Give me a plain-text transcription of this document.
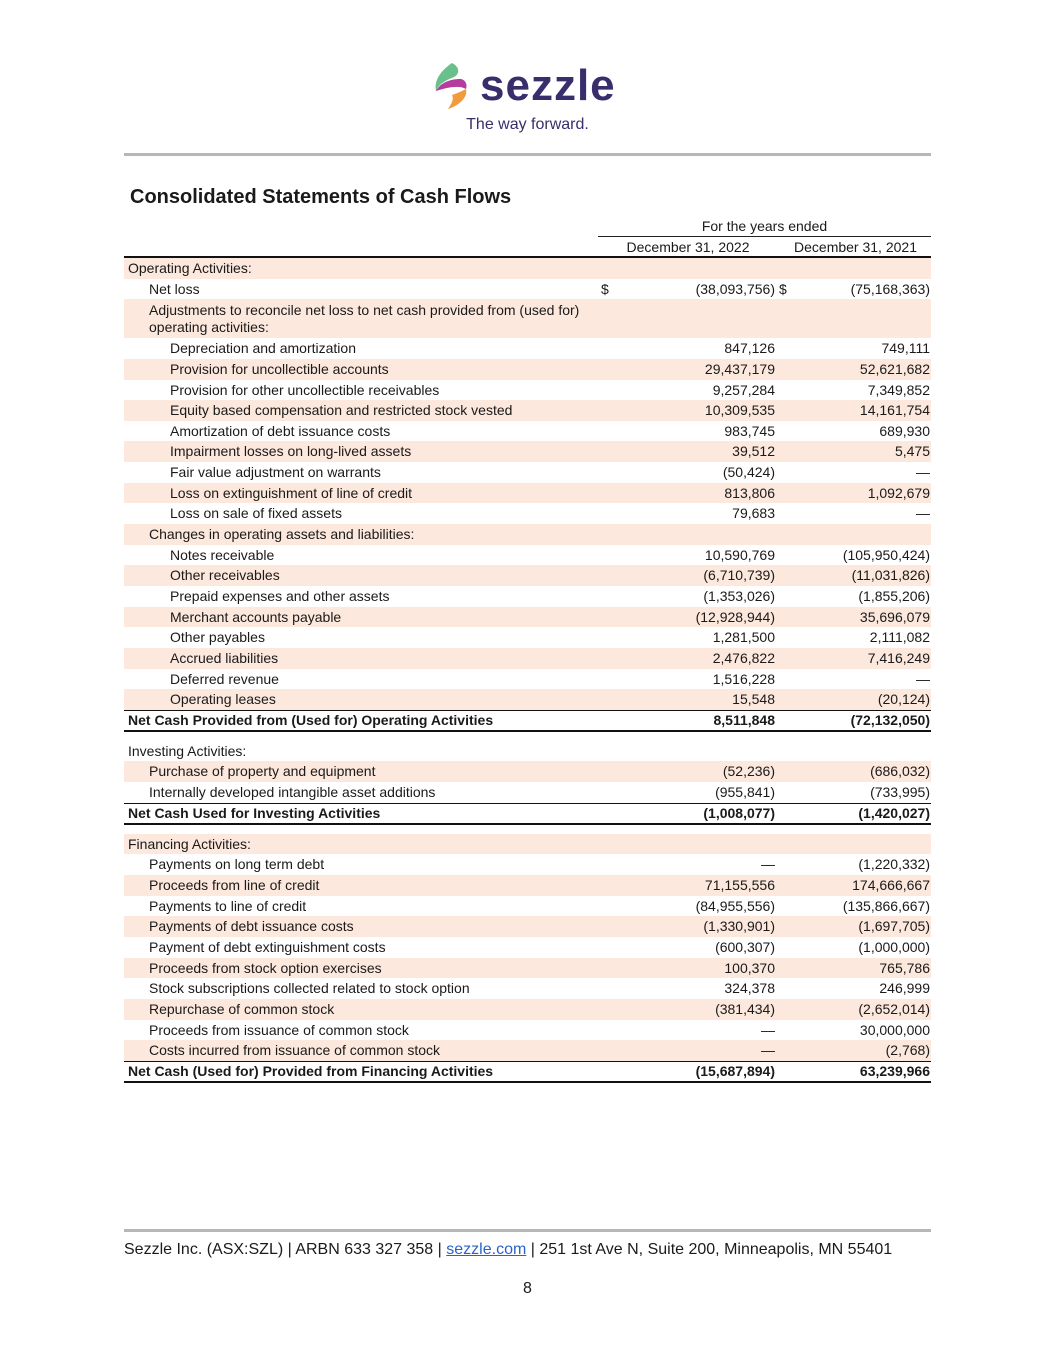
sezzle
The way forward.
Consolidated Statements of Cash Flows
For the years ended
December 31, 2022	December 31, 2021
Operating Activities:
Net loss	$	(38,093,756) $	(75,168,363)
Adjustments to reconcile net loss to net cash provided from (used for) operating activities:
Depreciation and amortization	847,126	749,111
Provision for uncollectible accounts	29,437,179	52,621,682
Provision for other uncollectible receivables	9,257,284	7,349,852
Equity based compensation and restricted stock vested	10,309,535	14,161,754
Amortization of debt issuance costs	983,745	689,930
Impairment losses on long-lived assets	39,512	5,475
Fair value adjustment on warrants	(50,424)	—
Loss on extinguishment of line of credit	813,806	1,092,679
Loss on sale of fixed assets	79,683	—
Changes in operating assets and liabilities:
Notes receivable	10,590,769	(105,950,424)
Other receivables	(6,710,739)	(11,031,826)
Prepaid expenses and other assets	(1,353,026)	(1,855,206)
Merchant accounts payable	(12,928,944)	35,696,079
Other payables	1,281,500	2,111,082
Accrued liabilities	2,476,822	7,416,249
Deferred revenue	1,516,228	—
Operating leases	15,548	(20,124)
Net Cash Provided from (Used for) Operating Activities	8,511,848	(72,132,050)
Investing Activities:
Purchase of property and equipment	(52,236)	(686,032)
Internally developed intangible asset additions	(955,841)	(733,995)
Net Cash Used for Investing Activities	(1,008,077)	(1,420,027)
Financing Activities:
Payments on long term debt	—	(1,220,332)
Proceeds from line of credit	71,155,556	174,666,667
Payments to line of credit	(84,955,556)	(135,866,667)
Payments of debt issuance costs	(1,330,901)	(1,697,705)
Payment of debt extinguishment costs	(600,307)	(1,000,000)
Proceeds from stock option exercises	100,370	765,786
Stock subscriptions collected related to stock option	324,378	246,999
Repurchase of common stock	(381,434)	(2,652,014)
Proceeds from issuance of common stock	—	30,000,000
Costs incurred from issuance of common stock	—	(2,768)
Net Cash (Used for) Provided from Financing Activities	(15,687,894)	63,239,966
Sezzle Inc. (ASX:SZL) | ARBN 633 327 358 | sezzle.com | 251 1st Ave N, Suite 200, Minneapolis, MN 55401
8
